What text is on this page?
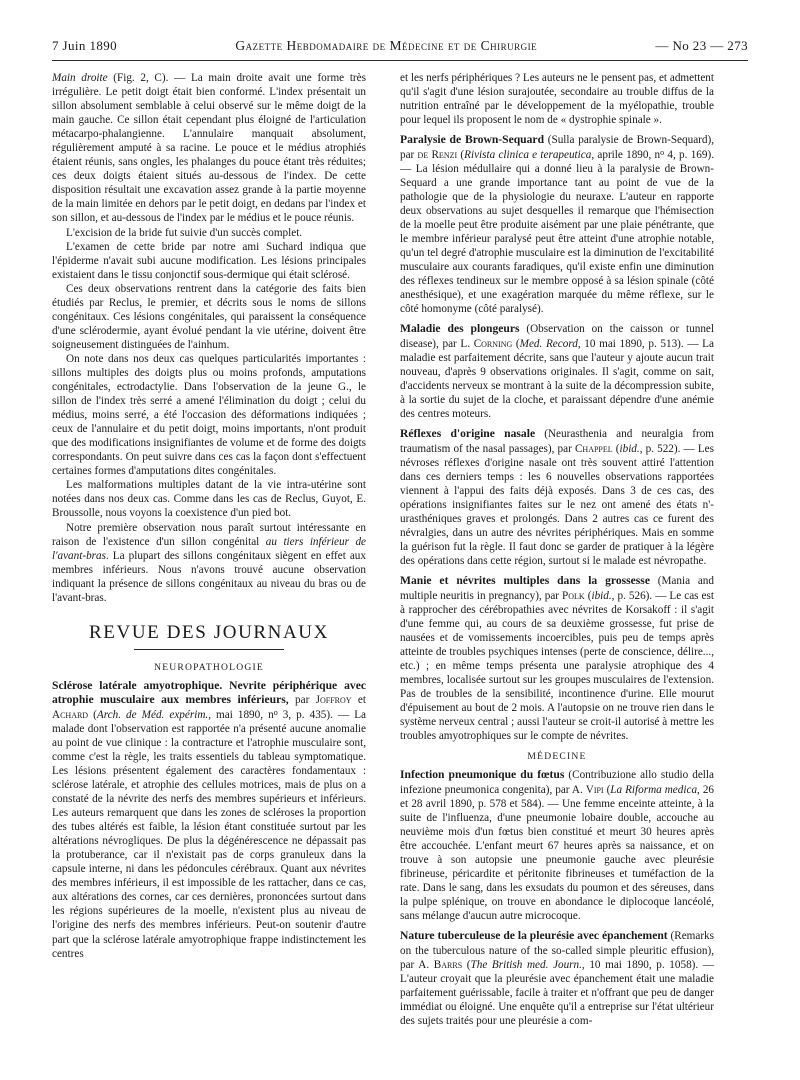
7 Juin 1890	Gazette Hebdomadaire de Médecine et de Chirurgie	— No 23 — 273

Main droite (Fig. 2, C). — La main droite avait une forme très irrégulière. Le petit doigt était bien conformé. L'index présentait un sillon absolument semblable à celui observé sur le même doigt de la main gauche. Ce sillon était cependant plus éloigné de l'articulation métacarpo-phalangienne. L'annulaire manquait absolument, régulièrement amputé à sa racine. Le pouce et le médius atrophiés étaient réunis, sans ongles, les phalanges du pouce étant très réduites; ces deux doigts étaient situés au-dessous de l'index. De cette disposition résultait une excavation assez grande à la partie moyenne de la main limitée en dehors par le petit doigt, en dedans par l'index et son sillon, et au-dessous de l'index par le médius et le pouce réunis.

L'excision de la bride fut suivie d'un succès complet.

L'examen de cette bride par notre ami Suchard indiqua que l'épiderme n'avait subi aucune modification. Les lésions principales existaient dans le tissu conjonctif sous-dermique qui était sclérosé.

Ces deux observations rentrent dans la catégorie des faits bien étudiés par Reclus, le premier, et décrits sous le noms de sillons congénitaux. Ces lésions congénitales, qui paraissent la conséquence d'une sclérodermie, ayant évolué pendant la vie utérine, doivent être soigneusement distinguées de l'ainhum.

On note dans nos deux cas quelques particularités importantes : sillons multiples des doigts plus ou moins profonds, amputations congénitales, ectrodactylie. Dans l'observation de la jeune G., le sillon de l'index très serré a amené l'élimination du doigt ; celui du médius, moins serré, a été l'occasion des déformations indiquées ; ceux de l'annulaire et du petit doigt, moins importants, n'ont produit que des modifications insignifiantes de volume et de forme des doigts correspondants. On peut suivre dans ces cas la façon dont s'effectuent certaines formes d'amputations dites congénitales.

Les malformations multiples datant de la vie intra-utérine sont notées dans nos deux cas. Comme dans les cas de Reclus, Guyot, E. Broussolle, nous voyons la coexistence d'un pied bot.

Notre première observation nous paraît surtout intéressante en raison de l'existence d'un sillon congénital au tiers inférieur de l'avant-bras. La plupart des sillons congénitaux siègent en effet aux membres inférieurs. Nous n'avons trouvé aucune observation indiquant la présence de sillons congénitaux au niveau du bras ou de l'avant-bras.

REVUE DES JOURNAUX
NEUROPATHOLOGIE

Sclérose latérale amyotrophique. Nevrite périphérique avec atrophie musculaire aux membres inférieurs, par Joffroy et Achard (Arch. de Méd. expérim., mai 1890, $n^o$ 3, p. 435). — La malade dont l'observation est rapportée n'a présenté aucune anomalie au point de vue clinique : la contracture et l'atrophie musculaire sont, comme c'est la règle, les traits essentiels du tableau symptomatique. Les lésions présentent également des caractères fondamentaux : sclérose latérale, et atrophie des cellules motrices, mais de plus on a constaté de la névrite des nerfs des membres supérieurs et inférieurs. Les auteurs remarquent que dans les zones de scléroses la proportion des tubes altérés est faible, la lésion étant constituée surtout par les altérations névrogliques. De plus la dégénérescence ne dépassait pas la protuberance, car il n'existait pas de corps granuleux dans la capsule interne, ni dans les pédoncules cérébraux. Quant aux névrites des membres inférieurs, il est impossible de les rattacher, dans ce cas, aux altérations des cornes, car ces dernières, prononcées surtout dans les régions supérieures de la moelle, n'existent plus au niveau de l'origine des nerfs des membres inférieurs. Peut-on soutenir d'autre part que la sclérose latérale amyotrophique frappe indistinctement les centres

et les nerfs périphériques ? Les auteurs ne le pensent pas, et admettent qu'il s'agit d'une lésion surajoutée, secondaire au trouble diffus de la nutrition entraîné par le développement de la myélopathie, trouble pour lequel ils proposent le nom de « dystrophie spinale ».

Paralysie de Brown-Sequard (Sulla paralysie de Brown-Sequard), par de Renzi (Rivista clinica e terapeutica, aprile 1890, $n^o$ 4, p. 169). — La lésion médullaire qui a donné lieu à la paralysie de Brown-Sequard a une grande importance tant au point de vue de la pathologie que de la physiologie du neuraxe. L'auteur en rapporte deux observations au sujet desquelles il remarque que l'hémisection de la moelle peut être produite aisément par une plaie pénétrante, que le membre inférieur paralysé peut être atteint d'une atrophie notable, qu'un tel degré d'atrophie musculaire est la diminution de l'excitabilité musculaire aux courants faradiques, qu'il existe enfin une diminution des réflexes tendineux sur le membre opposé à sa lésion spinale (côté anesthésique), et une exagération marquée du même réflexe, sur le côté homonyme (côté paralysé).

Maladie des plongeurs (Observation on the caisson or tunnel disease), par L. Corning (Med. Record, 10 mai 1890, p. 513). — La maladie est parfaitement décrite, sans que l'auteur y ajoute aucun trait nouveau, d'après 9 observations originales. Il s'agit, comme on sait, d'accidents nerveux se montrant à la suite de la décompression subite, à la sortie du sujet de la cloche, et paraissant dépendre d'une anémie des centres moteurs.

Réflexes d'origine nasale (Neurasthenia and neuralgia from traumatism of the nasal passages), par Chappel (ibid., p. 522). — Les névroses réflexes d'origine nasale ont très souvent attiré l'attention dans ces derniers temps : les 6 nouvelles observations rapportées viennent à l'appui des faits déjà exposés. Dans 3 de ces cas, des opérations insignifiantes faites sur le nez ont amené des états n'-urasthéniques graves et prolongés. Dans 2 autres cas ce furent des névralgies, dans un autre des névrites périphériques. Mais en somme la guérison fut la règle. Il faut donc se garder de pratiquer à la légère des opérations dans cette région, surtout si le malade est névropathe.

Manie et névrites multiples dans la grossesse (Mania and multiple neuritis in pregnancy), par Polk (ibid., p. 526). — Le cas est à rapprocher des cérébropathies avec névrites de Korsakoff : il s'agit d'une femme qui, au cours de sa deuxième grossesse, fut prise de nausées et de vomissements incoercibles, puis peu de temps après atteinte de troubles psychiques intenses (perte de conscience, délire..., etc.) ; en même temps présenta une paralysie atrophique des 4 membres, localisée surtout sur les groupes musculaires de l'extension. Pas de troubles de la sensibilité, incontinence d'urine. Elle mourut d'épuisement au bout de 2 mois. A l'autopsie on ne trouve rien dans le système nerveux central ; aussi l'auteur se croit-il autorisé à mettre les troubles amyotrophiques sur le compte de névrites.

MÉDECINE

Infection pneumonique du fœtus (Contribuzione allo studio della infezione pneumonica congenita), par A. Vipi (La Riforma medica, 26 et 28 avril 1890, p. 578 et 584). — Une femme enceinte atteinte, à la suite de l'influenza, d'une pneumonie lobaire double, accouche au neuvième mois d'un fœtus bien constitué et meurt 30 heures après être accouchée. L'enfant meurt 67 heures après sa naissance, et on trouve à son autopsie une pneumonie gauche avec pleurésie fibrineuse, péricardite et péritonite fibrineuses et tuméfaction de la rate. Dans le sang, dans les exsudats du poumon et des séreuses, dans la pulpe splénique, on trouve en abondance le diplocoque lancéolé, sans mélange d'aucun autre microcoque.

Nature tuberculeuse de la pleurésie avec épanchement (Remarks on the tuberculous nature of the so-called simple pleuritic effusion), par A. Barrs (The British med. Journ., 10 mai 1890, p. 1058). — L'auteur croyait que la pleurésie avec épanchement était une maladie parfaitement guérissable, facile à traiter et n'offrant que peu de danger immédiat ou éloigné. Une enquête qu'il a entreprise sur l'état ultérieur des sujets traités pour une pleurésie a com-
